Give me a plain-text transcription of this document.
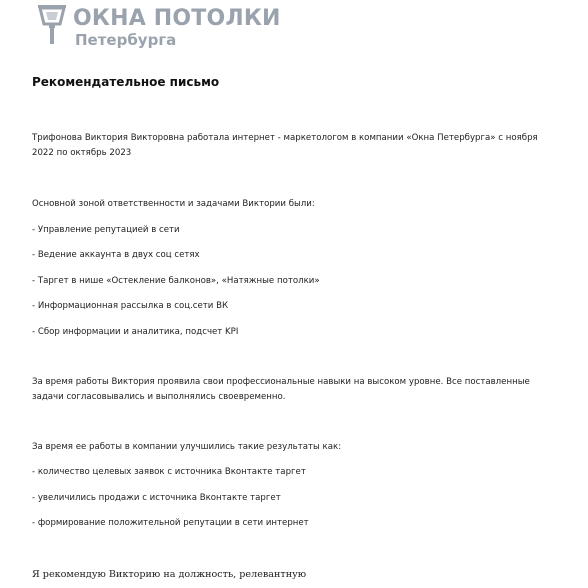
ОКНА ПОТОЛКИ
Петербурга
Рекомендательное письмо
Трифонова Виктория Викторовна работала интернет - маркетологом в компании «Окна Петербурга» с ноября 2022 по октябрь 2023
Основной зоной ответственности и задачами Виктории были:
- Управление репутацией в сети
- Ведение аккаунта в двух соц сетях
- Таргет в нише «Остекление балконов», «Натяжные потолки»
- Информационная рассылка в соц.сети ВК
- Сбор информации и аналитика, подсчет KPI
За время работы Виктория проявила свои профессиональные навыки на высоком уровне. Все поставленные задачи согласовывались и выполнялись своевременно.
За время ее работы в компании улучшились такие результаты как:
- количество целевых заявок с источника Вконтакте таргет
- увеличились продажи с источника Вконтакте таргет
- формирование положительной репутации в сети интернет
Я рекомендую Викторию на должность, релевантную
